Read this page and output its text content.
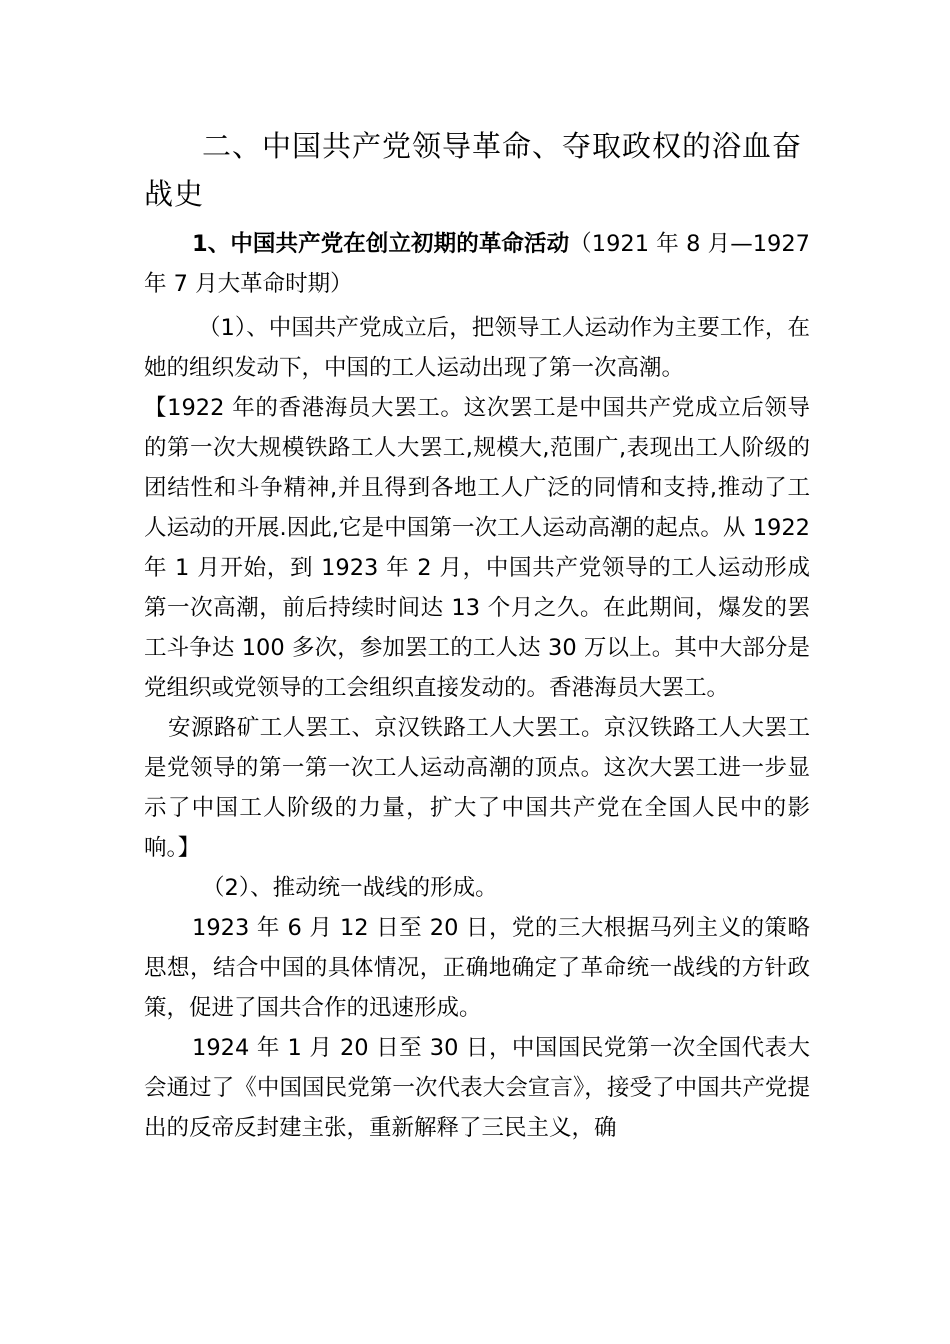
二、中国共产党领导革命、夺取政权的浴血奋战史

1、中国共产党在创立初期的革命活动（1921 年 8 月—1927 年 7 月大革命时期）

（1）、中国共产党成立后，把领导工人运动作为主要工作，在她的组织发动下，中国的工人运动出现了第一次高潮。

【1922 年的香港海员大罢工。这次罢工是中国共产党成立后领导的第一次大规模铁路工人大罢工,规模大,范围广,表现出工人阶级的团结性和斗争精神,并且得到各地工人广泛的同情和支持,推动了工人运动的开展.因此,它是中国第一次工人运动高潮的起点。从 1922 年 1 月开始，到 1923 年 2 月，中国共产党领导的工人运动形成第一次高潮，前后持续时间达 13 个月之久。在此期间，爆发的罢工斗争达 100 多次，参加罢工的工人达 30 万以上。其中大部分是党组织或党领导的工会组织直接发动的。香港海员大罢工。

安源路矿工人罢工、京汉铁路工人大罢工。京汉铁路工人大罢工是党领导的第一第一次工人运动高潮的顶点。这次大罢工进一步显示了中国工人阶级的力量，扩大了中国共产党在全国人民中的影响。】

（2）、推动统一战线的形成。

1923 年 6 月 12 日至 20 日，党的三大根据马列主义的策略思想，结合中国的具体情况，正确地确定了革命统一战线的方针政策，促进了国共合作的迅速形成。

1924 年 1 月 20 日至 30 日，中国国民党第一次全国代表大会通过了《中国国民党第一次代表大会宣言》，接受了中国共产党提出的反帝反封建主张，重新解释了三民主义，确
